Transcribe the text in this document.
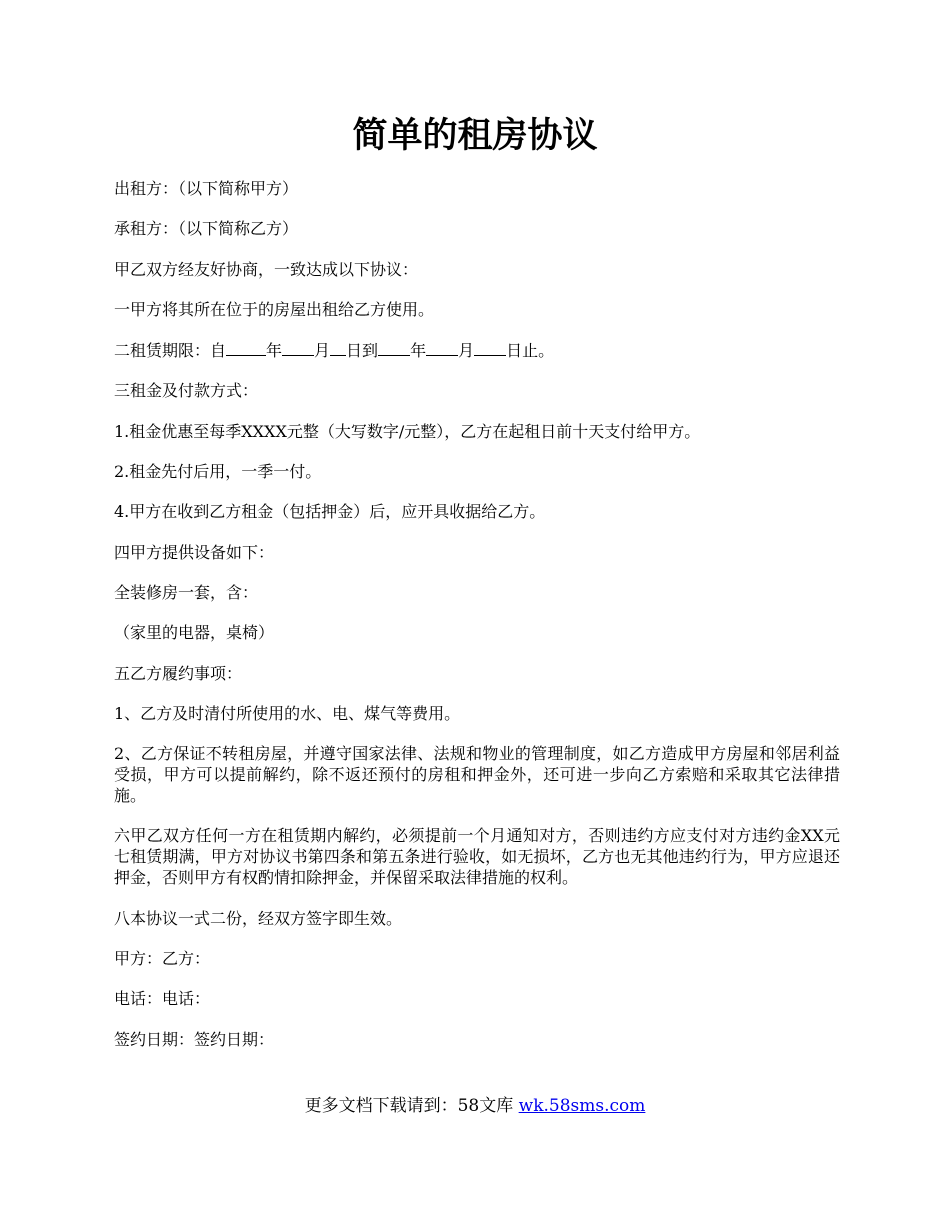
简单的租房协议

出租方：（以下简称甲方）

承租方：（以下简称乙方）

甲乙双方经友好协商，一致达成以下协议：

一甲方将其所在位于的房屋出租给乙方使用。

二租赁期限：自	年 月 日到 年 月 日止。

三租金及付款方式：

1.租金优惠至每季XXXX元整（大写数字/元整），乙方在起租日前十天支付给甲方。

2.租金先付后用，一季一付。

4.甲方在收到乙方租金（包括押金）后，应开具收据给乙方。

四甲方提供设备如下：

全装修房一套，含：

（家里的电器，桌椅）

五乙方履约事项：

1、乙方及时清付所使用的水、电、煤气等费用。

2、乙方保证不转租房屋，并遵守国家法律、法规和物业的管理制度，如乙方造成甲方房屋和邻居利益受损，甲方可以提前解约，除不返还预付的房租和押金外，还可进一步向乙方索赔和采取其它法律措施。

六甲乙双方任何一方在租赁期内解约，必须提前一个月通知对方，否则违约方应支付对方违约金XX元七租赁期满，甲方对协议书第四条和第五条进行验收，如无损坏，乙方也无其他违约行为，甲方应退还押金，否则甲方有权酌情扣除押金，并保留采取法律措施的权利。

八本协议一式二份，经双方签字即生效。

甲方：乙方：

电话：电话：

签约日期：签约日期：

更多文档下载请到：58文库 wk.58sms.com
